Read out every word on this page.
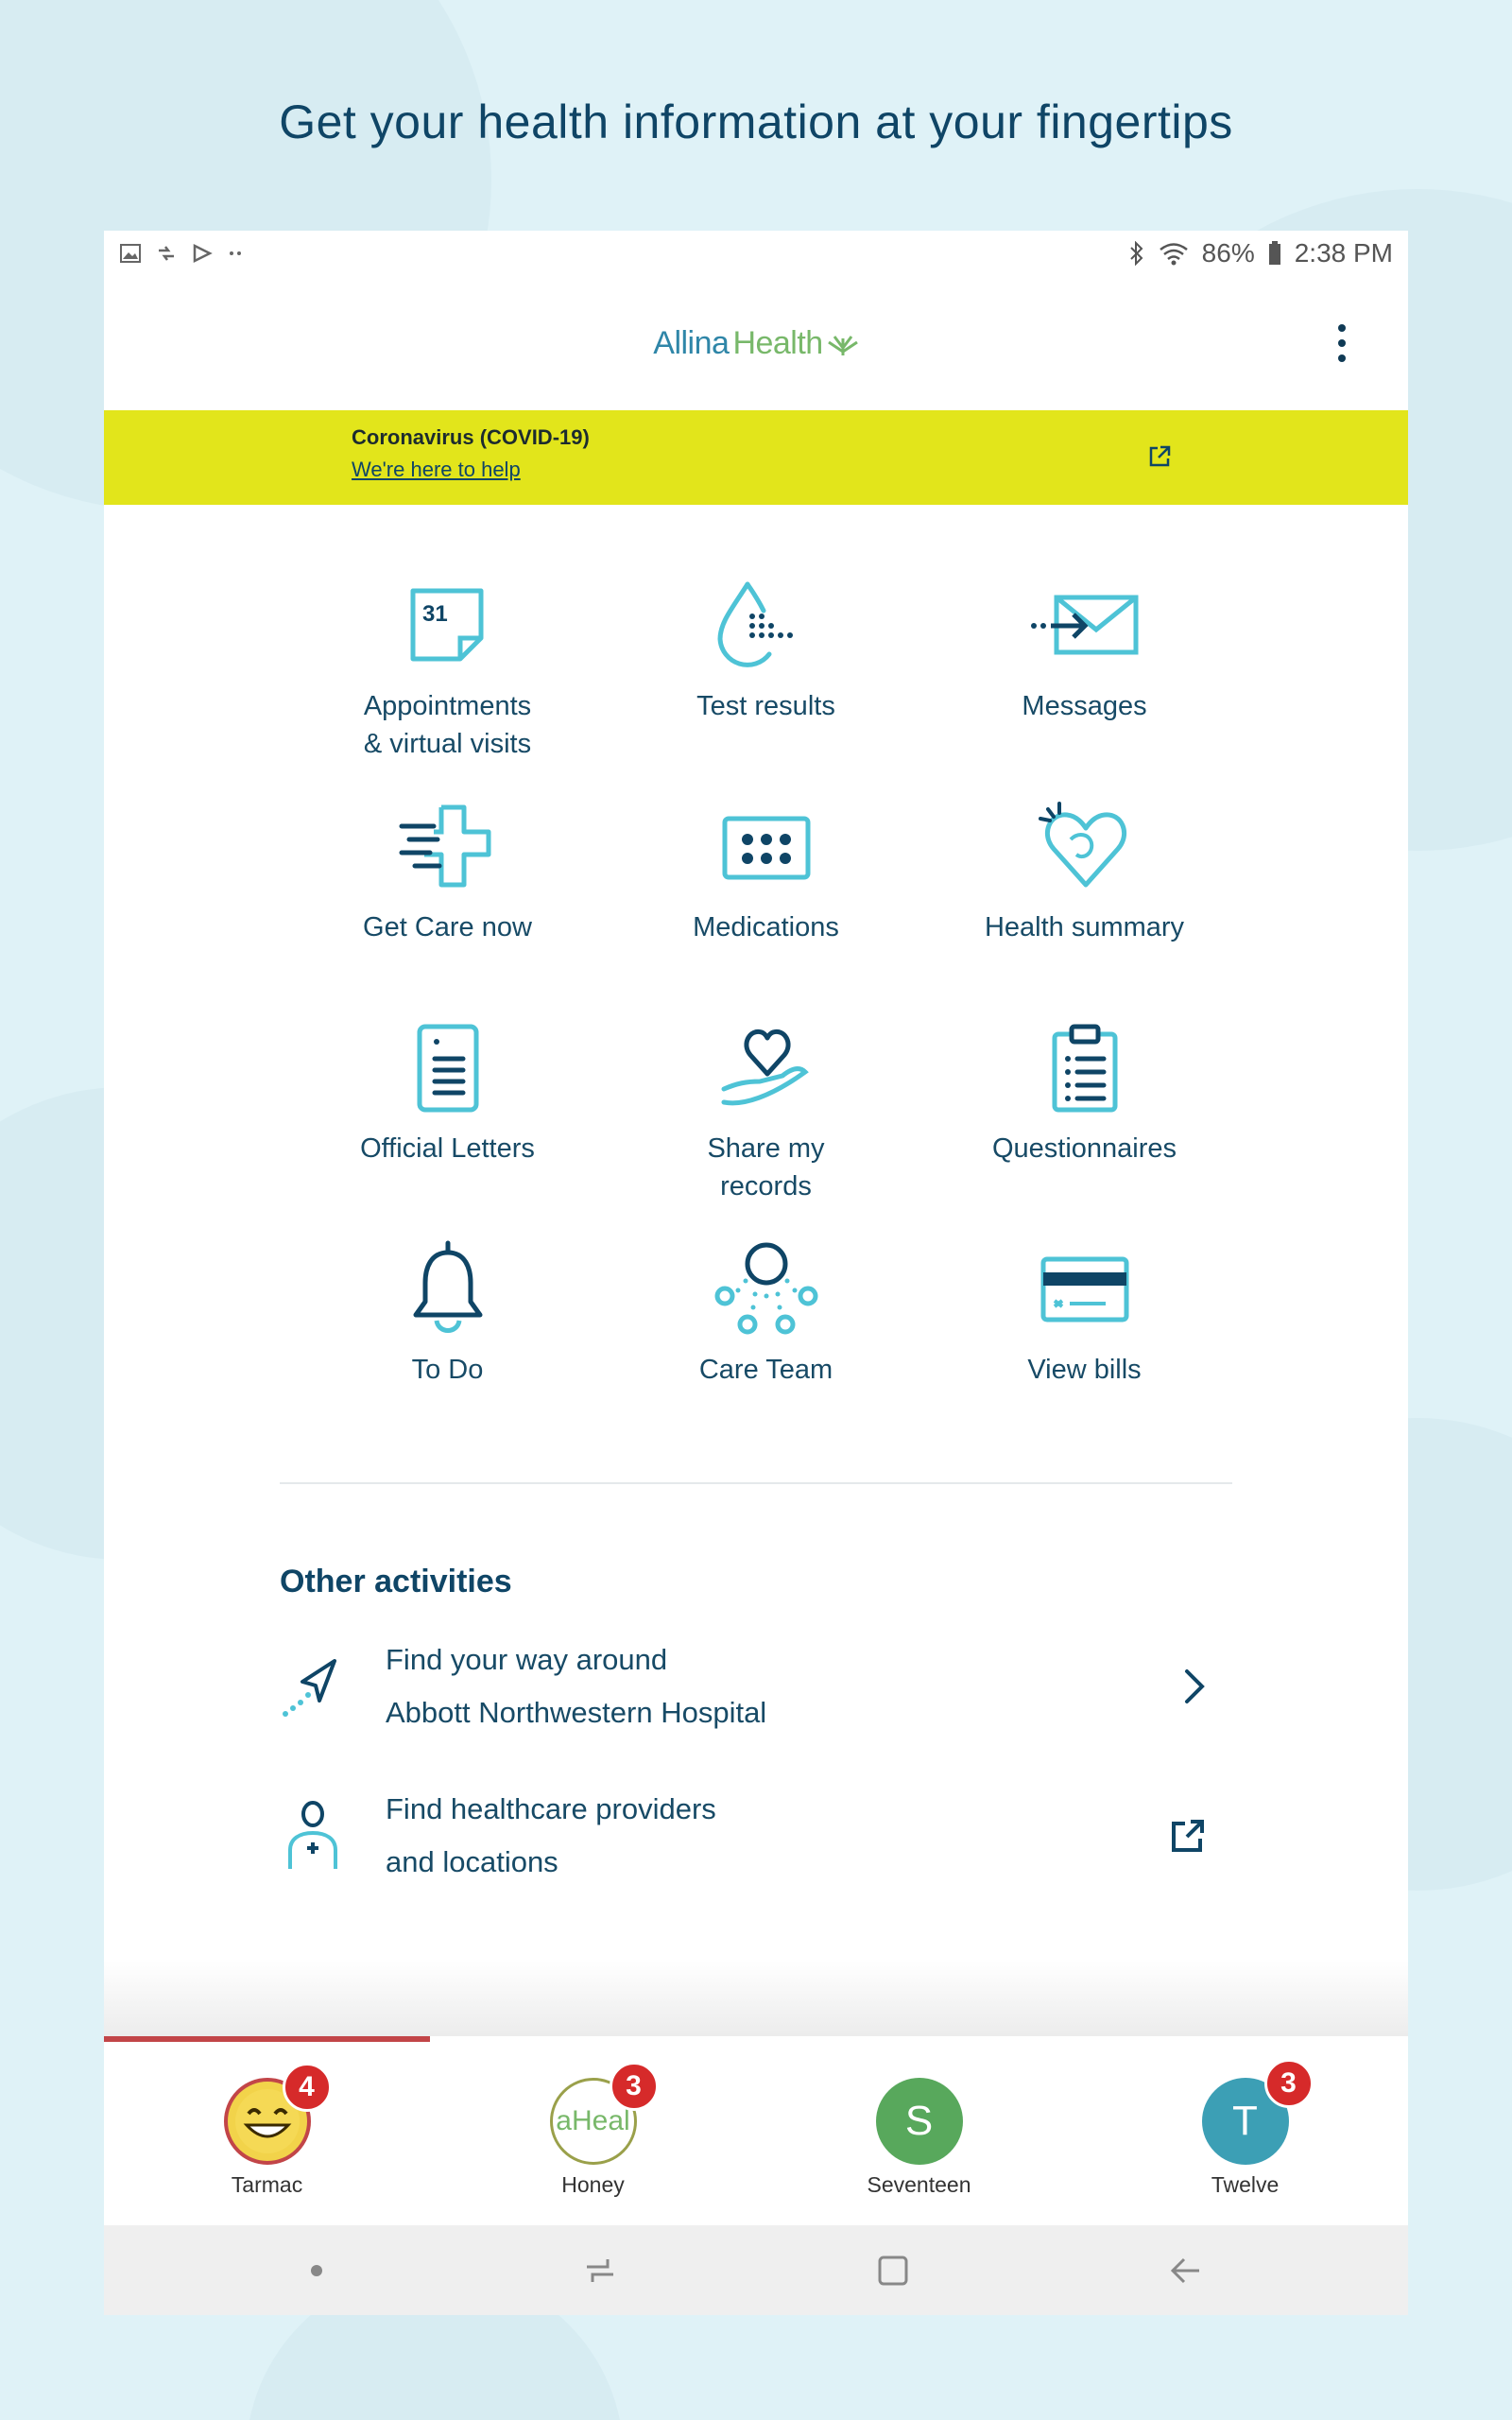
Get your health information at your fingertips
86% 2:38 PM
Allina Health
Coronavirus (COVID-19)
We're here to help
31
Appointments
& virtual visits
Test results	Messages
Get Care now	Medications	Health summary
Official Letters	Share my
records
Questionnaires
To Do	Care Team	View bills
Other activities
Find your way around
Abbott Northwestern Hospital
Find healthcare providers
and locations
4
Tarmac
aHeal
3
Honey
S
Seventeen
T
3
Twelve
